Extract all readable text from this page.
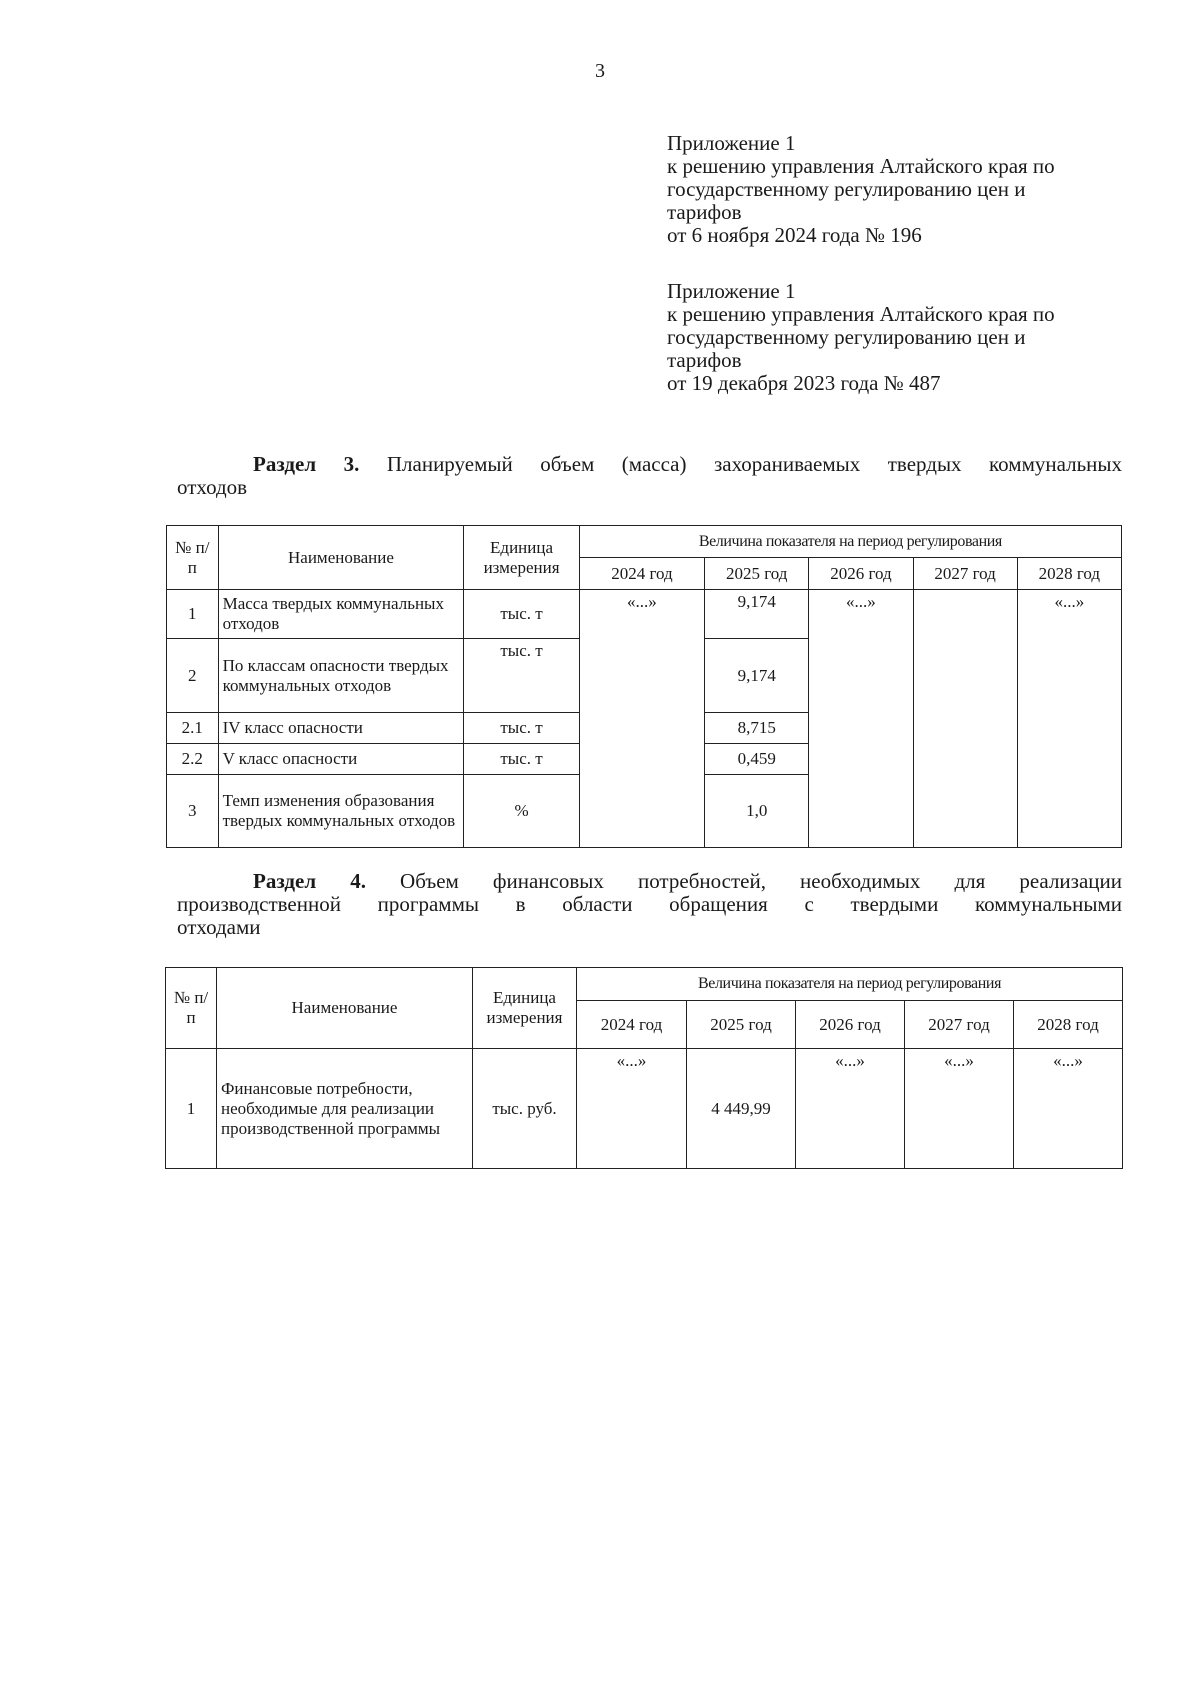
3
Приложение 1
к решению управления Алтайского края по
государственному регулированию цен и
тарифов
от 6 ноября 2024 года № 196
Приложение 1
к решению управления Алтайского края по
государственному регулированию цен и
тарифов
от 19 декабря 2023 года № 487
Раздел 3. Планируемый объем (масса) захораниваемых твердых коммунальных
отходов
№ п/п	Наименование	Единица измерения	Величина показателя на период регулирования				
			2024 год	2025 год	2026 год	2027 год	2028 год
1	Масса твердых коммунальных отходов	тыс. т	«...»	9,174	«...»		«...»
2	По классам опасности твердых коммунальных отходов	тыс. т		9,174			
2.1	IV класс опасности	тыс. т		8,715			
2.2	V класс опасности	тыс. т		0,459			
3	Темп изменения образования твердых коммунальных отходов	%		1,0			
Раздел 4. Объем финансовых потребностей, необходимых для реализации
производственной программы в области обращения с твердыми коммунальными
отходами
№ п/ п	Наименование	Единица измерения	Величина показателя на период регулирования				
			2024 год	2025 год	2026 год	2027 год	2028 год
1	Финансовые потребности, необходимые для реализации производственной программы	тыс. руб.	«...»	4 449,99	«...»	«...»	«...»
